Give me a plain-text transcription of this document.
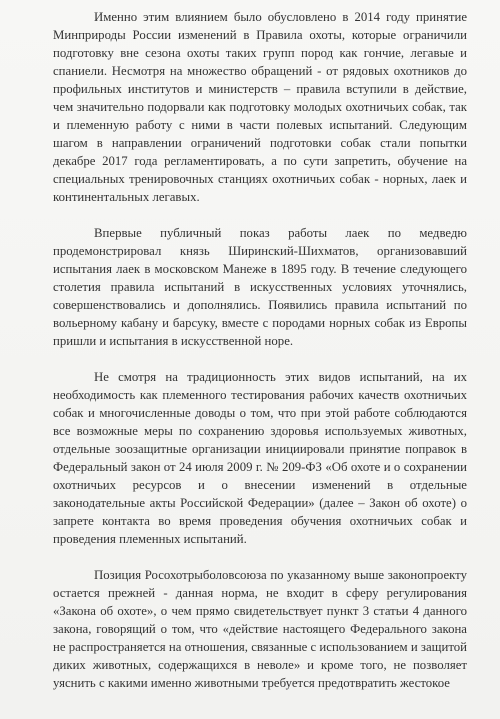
Именно этим влиянием было обусловлено в 2014 году принятие Минприроды России изменений в Правила охоты, которые ограничили подготовку вне сезона охоты таких групп пород как гончие, легавые и спаниели. Несмотря на множество обращений - от рядовых охотников до профильных институтов и министерств – правила вступили в действие, чем значительно подорвали как подготовку молодых охотничьих собак, так и племенную работу с ними в части полевых испытаний. Следующим шагом в направлении ограничений подготовки собак стали попытки декабре 2017 года регламентировать, а по сути запретить, обучение на специальных тренировочных станциях охотничьих собак - норных, лаек и континентальных легавых.

Впервые публичный показ работы лаек по медведю продемонстрировал князь Ширинский-Шихматов, организовавший испытания лаек в московском Манеже в 1895 году. В течение следующего столетия правила испытаний в искусственных условиях уточнялись, совершенствовались и дополнялись. Появились правила испытаний по вольерному кабану и барсуку, вместе с породами норных собак из Европы пришли и испытания в искусственной норе.

Не смотря на традиционность этих видов испытаний, на их необходимость как племенного тестирования рабочих качеств охотничьих собак и многочисленные доводы о том, что при этой работе соблюдаются все возможные меры по сохранению здоровья используемых животных, отдельные зоозащитные организации инициировали принятие поправок в Федеральный закон от 24 июля 2009 г. № 209-ФЗ «Об охоте и о сохранении охотничьих ресурсов и о внесении изменений в отдельные законодательные акты Российской Федерации» (далее – Закон об охоте) о запрете контакта во время проведения обучения охотничьих собак и проведения племенных испытаний.

Позиция Росохотрыболовсоюза по указанному выше законопроекту остается прежней - данная норма, не входит в сферу регулирования «Закона об охоте», о чем прямо свидетельствует пункт 3 статьи 4 данного закона, говорящий о том, что «действие настоящего Федерального закона не распространяется на отношения, связанные с использованием и защитой диких животных, содержащихся в неволе» и кроме того, не позволяет уяснить с какими именно животными требуется предотвратить жестокое
